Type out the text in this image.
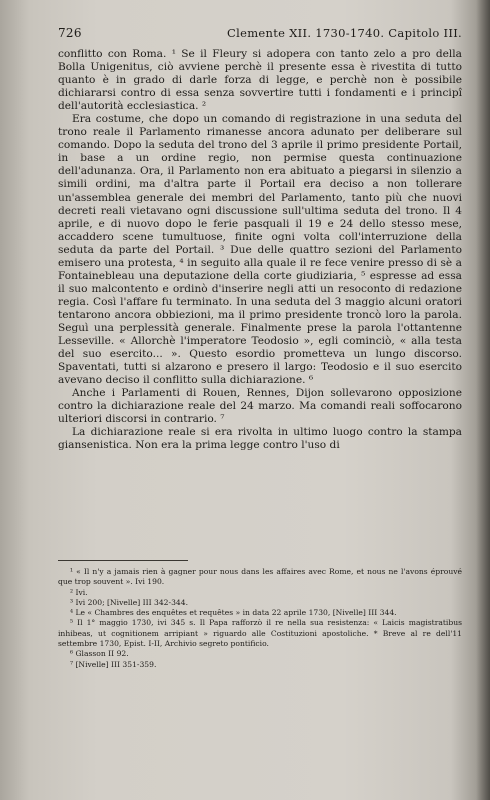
726	Clemente XII. 1730-1740. Capitolo III.

conflitto con Roma. ¹ Se il Fleury si adopera con tanto zelo a pro della Bolla Unigenitus, ciò avviene perchè il presente essa è rivestita di tutto quanto è in grado di darle forza di legge, e perchè non è possibile dichiararsi contro di essa senza sovvertire tutti i fondamenti e i principî dell'autorità ecclesiastica. ²

Era costume, che dopo un comando di registrazione in una seduta del trono reale il Parlamento rimanesse ancora adunato per deliberare sul comando. Dopo la seduta del trono del 3 aprile il primo presidente Portail, in base a un ordine regio, non permise questa continuazione dell'adunanza. Ora, il Parlamento non era abituato a piegarsi in silenzio a simili ordini, ma d'altra parte il Portail era deciso a non tollerare un'assemblea generale dei membri del Parlamento, tanto più che nuovi decreti reali vietavano ogni discussione sull'ultima seduta del trono. Il 4 aprile, e di nuovo dopo le ferie pasquali il 19 e 24 dello stesso mese, accaddero scene tumultuose, finite ogni volta coll'interruzione della seduta da parte del Portail. ³ Due delle quattro sezioni del Parlamento emisero una protesta, ⁴ in seguito alla quale il re fece venire presso di sè a Fontainebleau una deputazione della corte giudiziaria, ⁵ espresse ad essa il suo malcontento e ordinò d'inserire negli atti un resoconto di redazione regia. Così l'affare fu terminato. In una seduta del 3 maggio alcuni oratori tentarono ancora obbiezioni, ma il primo presidente troncò loro la parola. Seguì una perplessità generale. Finalmente prese la parola l'ottantenne Lesseville. « Allorchè l'imperatore Teodosio », egli cominciò, « alla testa del suo esercito... ». Questo esordio prometteva un lungo discorso. Spaventati, tutti si alzarono e presero il largo: Teodosio e il suo esercito avevano deciso il conflitto sulla dichiarazione. ⁶

Anche i Parlamenti di Rouen, Rennes, Dijon sollevarono opposizione contro la dichiarazione reale del 24 marzo. Ma comandi reali soffocarono ulteriori discorsi in contrario. ⁷

La dichiarazione reale si era rivolta in ultimo luogo contro la stampa giansenistica. Non era la prima legge contro l'uso di

¹ « Il n'y a jamais rien à gagner pour nous dans les affaires avec Rome, et nous ne l'avons éprouvé que trop souvent ». Ivi 190.

² Ivi.

³ Ivi 200; [Nivelle] III 342-344.

⁴ Le « Chambres des enquêtes et requêtes » in data 22 aprile 1730, [Nivelle] III 344.

⁵ Il 1° maggio 1730, ivi 345 s. Il Papa rafforzò il re nella sua resistenza: « Laicis magistratibus inhibeas, ut cognitionem arripiant » riguardo alle Costituzioni apostoliche. * Breve al re dell'11 settembre 1730, Epist. I-II, Archivio segreto pontificio.

⁶ Glasson II 92.

⁷ [Nivelle] III 351-359.
